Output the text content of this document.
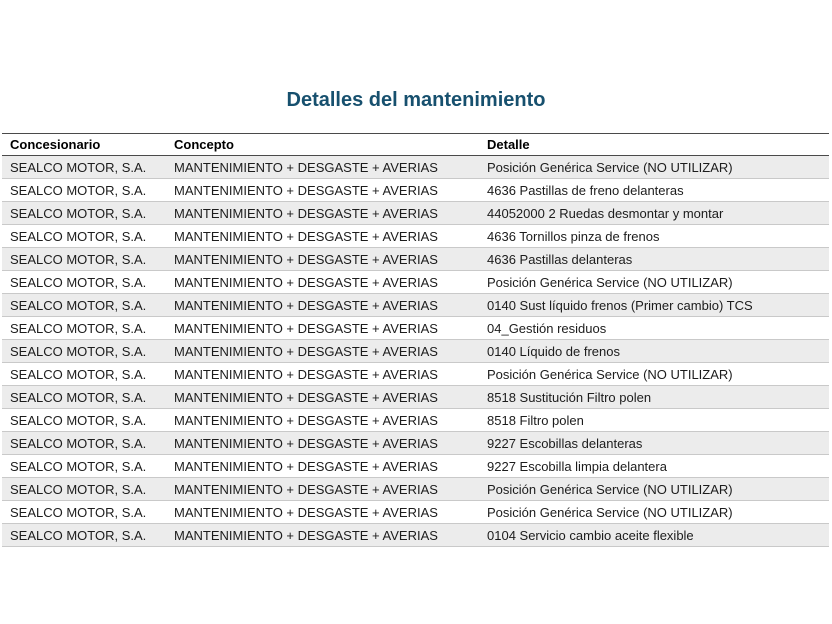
Detalles del mantenimiento
Concesionario	Concepto	Detalle
SEALCO MOTOR, S.A.	MANTENIMIENTO + DESGASTE + AVERIAS	Posición Genérica Service (NO UTILIZAR)
SEALCO MOTOR, S.A.	MANTENIMIENTO + DESGASTE + AVERIAS	4636 Pastillas de freno delanteras
SEALCO MOTOR, S.A.	MANTENIMIENTO + DESGASTE + AVERIAS	44052000 2 Ruedas desmontar y montar
SEALCO MOTOR, S.A.	MANTENIMIENTO + DESGASTE + AVERIAS	4636 Tornillos pinza de frenos
SEALCO MOTOR, S.A.	MANTENIMIENTO + DESGASTE + AVERIAS	4636 Pastillas delanteras
SEALCO MOTOR, S.A.	MANTENIMIENTO + DESGASTE + AVERIAS	Posición Genérica Service (NO UTILIZAR)
SEALCO MOTOR, S.A.	MANTENIMIENTO + DESGASTE + AVERIAS	0140 Sust líquido frenos (Primer cambio) TCS
SEALCO MOTOR, S.A.	MANTENIMIENTO + DESGASTE + AVERIAS	04_Gestión residuos
SEALCO MOTOR, S.A.	MANTENIMIENTO + DESGASTE + AVERIAS	0140 Líquido de frenos
SEALCO MOTOR, S.A.	MANTENIMIENTO + DESGASTE + AVERIAS	Posición Genérica Service (NO UTILIZAR)
SEALCO MOTOR, S.A.	MANTENIMIENTO + DESGASTE + AVERIAS	8518 Sustitución Filtro polen
SEALCO MOTOR, S.A.	MANTENIMIENTO + DESGASTE + AVERIAS	8518 Filtro polen
SEALCO MOTOR, S.A.	MANTENIMIENTO + DESGASTE + AVERIAS	9227 Escobillas delanteras
SEALCO MOTOR, S.A.	MANTENIMIENTO + DESGASTE + AVERIAS	9227 Escobilla limpia delantera
SEALCO MOTOR, S.A.	MANTENIMIENTO + DESGASTE + AVERIAS	Posición Genérica Service (NO UTILIZAR)
SEALCO MOTOR, S.A.	MANTENIMIENTO + DESGASTE + AVERIAS	Posición Genérica Service (NO UTILIZAR)
SEALCO MOTOR, S.A.	MANTENIMIENTO + DESGASTE + AVERIAS	0104 Servicio cambio aceite flexible
